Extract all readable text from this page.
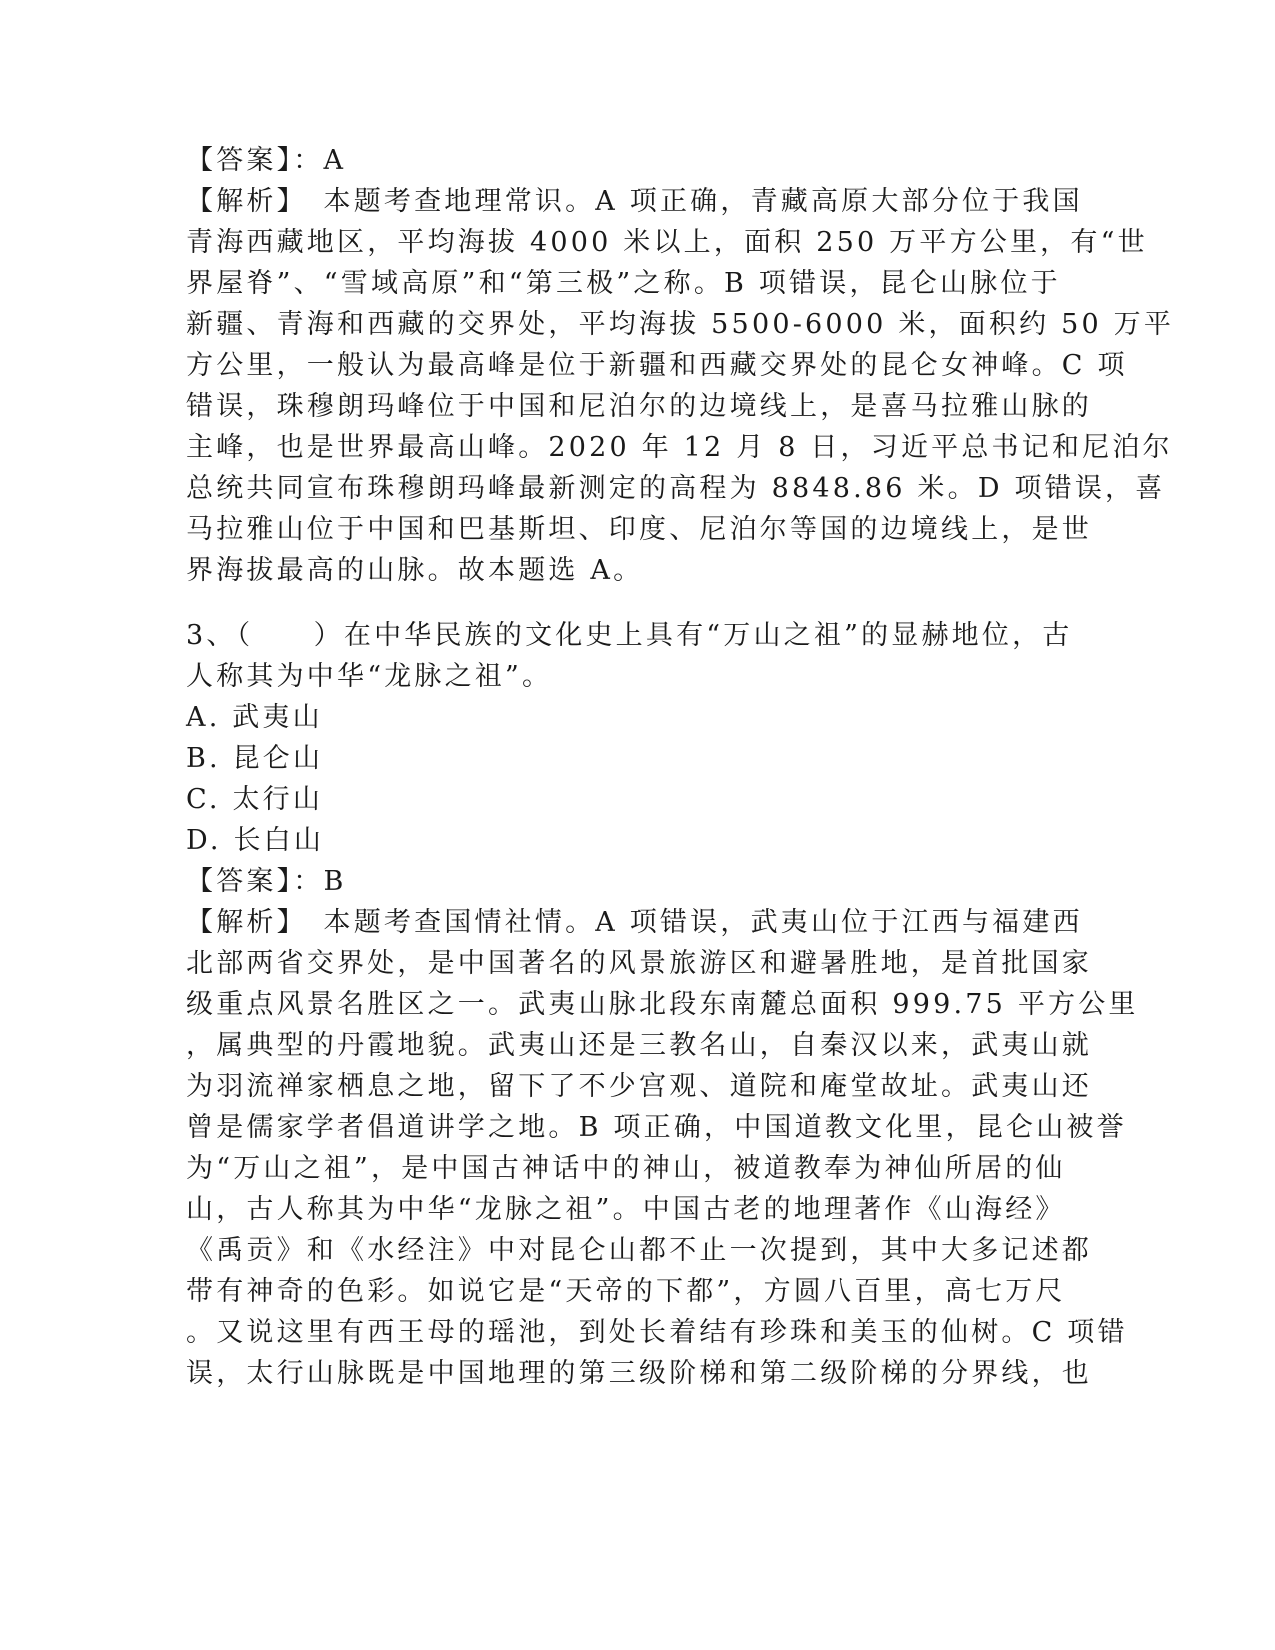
【答案】：A
【解析】　本题考查地理常识。A 项正确，青藏高原大部分位于我国
青海西藏地区，平均海拔 4000 米以上，面积 250 万平方公里，有“世
界屋脊”、“雪域高原”和“第三极”之称。B 项错误，昆仑山脉位于
新疆、青海和西藏的交界处，平均海拔 5500-6000 米，面积约 50 万平
方公里，一般认为最高峰是位于新疆和西藏交界处的昆仑女神峰。C 项
错误，珠穆朗玛峰位于中国和尼泊尔的边境线上，是喜马拉雅山脉的
主峰，也是世界最高山峰。2020 年 12 月 8 日，习近平总书记和尼泊尔
总统共同宣布珠穆朗玛峰最新测定的高程为 8848.86 米。D 项错误，喜
马拉雅山位于中国和巴基斯坦、印度、尼泊尔等国的边境线上，是世
界海拔最高的山脉。故本题选 A。
3、（　　）在中华民族的文化史上具有“万山之祖”的显赫地位，古
人称其为中华“龙脉之祖”。
A. 武夷山
B. 昆仑山
C. 太行山
D. 长白山
【答案】：B
【解析】　本题考查国情社情。A 项错误，武夷山位于江西与福建西
北部两省交界处，是中国著名的风景旅游区和避暑胜地，是首批国家
级重点风景名胜区之一。武夷山脉北段东南麓总面积 999.75 平方公里
，属典型的丹霞地貌。武夷山还是三教名山，自秦汉以来，武夷山就
为羽流禅家栖息之地，留下了不少宫观、道院和庵堂故址。武夷山还
曾是儒家学者倡道讲学之地。B 项正确，中国道教文化里，昆仑山被誉
为“万山之祖”，是中国古神话中的神山，被道教奉为神仙所居的仙
山，古人称其为中华“龙脉之祖”。中国古老的地理著作《山海经》
《禹贡》和《水经注》中对昆仑山都不止一次提到，其中大多记述都
带有神奇的色彩。如说它是“天帝的下都”，方圆八百里，高七万尺
。又说这里有西王母的瑶池，到处长着结有珍珠和美玉的仙树。C 项错
误，太行山脉既是中国地理的第三级阶梯和第二级阶梯的分界线，也
